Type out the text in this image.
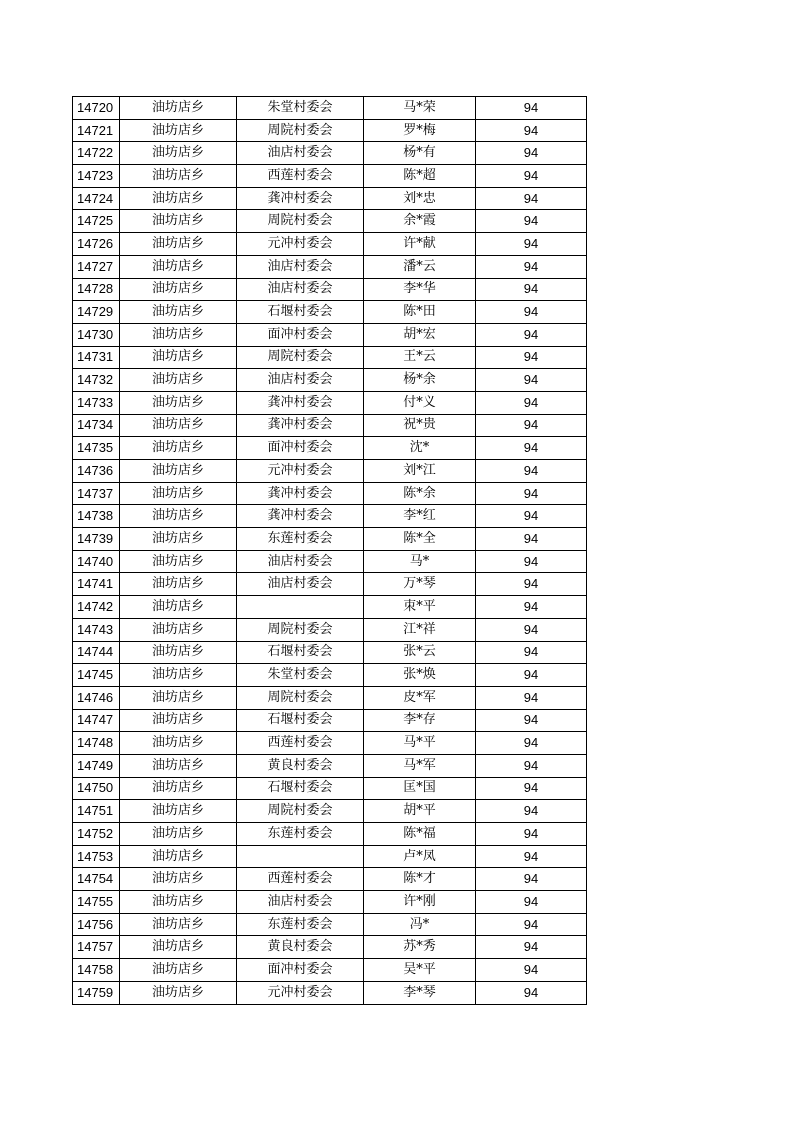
14720	油坊店乡	朱堂村委会	马*荣	94
14721	油坊店乡	周院村委会	罗*梅	94
14722	油坊店乡	油店村委会	杨*有	94
14723	油坊店乡	西莲村委会	陈*超	94
14724	油坊店乡	龚冲村委会	刘*忠	94
14725	油坊店乡	周院村委会	余*霞	94
14726	油坊店乡	元冲村委会	许*献	94
14727	油坊店乡	油店村委会	潘*云	94
14728	油坊店乡	油店村委会	李*华	94
14729	油坊店乡	石堰村委会	陈*田	94
14730	油坊店乡	面冲村委会	胡*宏	94
14731	油坊店乡	周院村委会	王*云	94
14732	油坊店乡	油店村委会	杨*余	94
14733	油坊店乡	龚冲村委会	付*义	94
14734	油坊店乡	龚冲村委会	祝*贵	94
14735	油坊店乡	面冲村委会	沈*	94
14736	油坊店乡	元冲村委会	刘*江	94
14737	油坊店乡	龚冲村委会	陈*余	94
14738	油坊店乡	龚冲村委会	李*红	94
14739	油坊店乡	东莲村委会	陈*全	94
14740	油坊店乡	油店村委会	马*	94
14741	油坊店乡	油店村委会	万*琴	94
14742	油坊店乡		朿*平	94
14743	油坊店乡	周院村委会	江*祥	94
14744	油坊店乡	石堰村委会	张*云	94
14745	油坊店乡	朱堂村委会	张*焕	94
14746	油坊店乡	周院村委会	皮*军	94
14747	油坊店乡	石堰村委会	李*存	94
14748	油坊店乡	西莲村委会	马*平	94
14749	油坊店乡	黄良村委会	马*军	94
14750	油坊店乡	石堰村委会	匡*国	94
14751	油坊店乡	周院村委会	胡*平	94
14752	油坊店乡	东莲村委会	陈*福	94
14753	油坊店乡		卢*凤	94
14754	油坊店乡	西莲村委会	陈*才	94
14755	油坊店乡	油店村委会	许*刚	94
14756	油坊店乡	东莲村委会	冯*	94
14757	油坊店乡	黄良村委会	苏*秀	94
14758	油坊店乡	面冲村委会	吴*平	94
14759	油坊店乡	元冲村委会	李*琴	94
